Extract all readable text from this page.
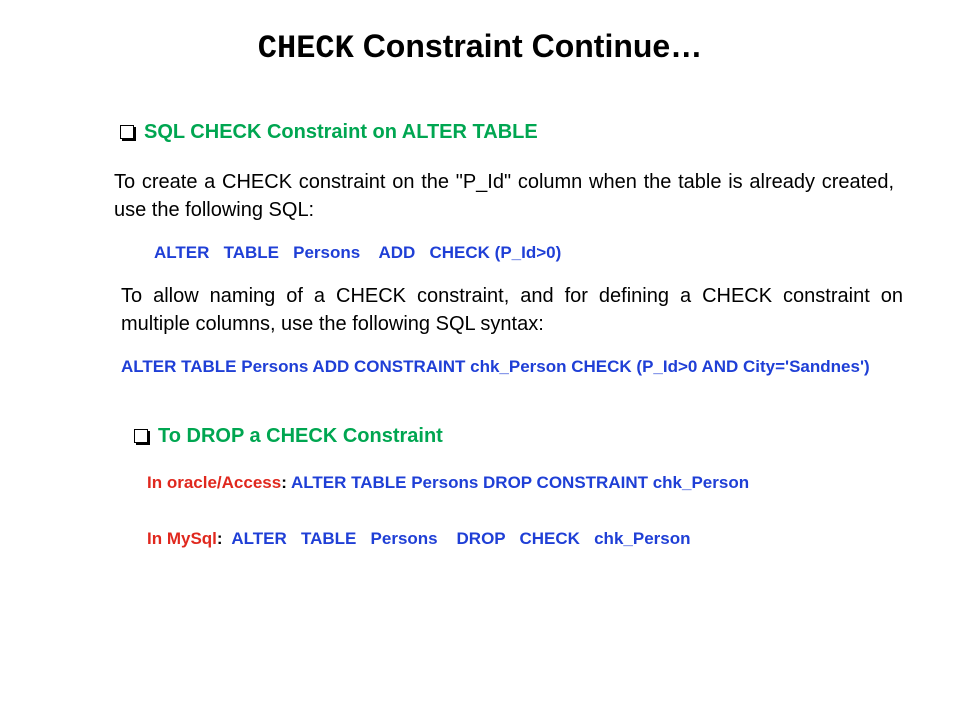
CHECK Constraint Continue…
SQL CHECK Constraint on ALTER TABLE
To create a CHECK constraint on the "P_Id" column when the table is already created, use the following SQL:
ALTER   TABLE   Persons    ADD   CHECK (P_Id>0)
To allow naming of a CHECK constraint, and for defining a CHECK constraint on multiple columns, use the following SQL syntax:
ALTER TABLE Persons ADD CONSTRAINT chk_Person CHECK (P_Id>0 AND City='Sandnes')
To DROP a CHECK Constraint
In oracle/Access: ALTER TABLE Persons DROP CONSTRAINT chk_Person
In MySql:  ALTER   TABLE   Persons    DROP   CHECK   chk_Person
